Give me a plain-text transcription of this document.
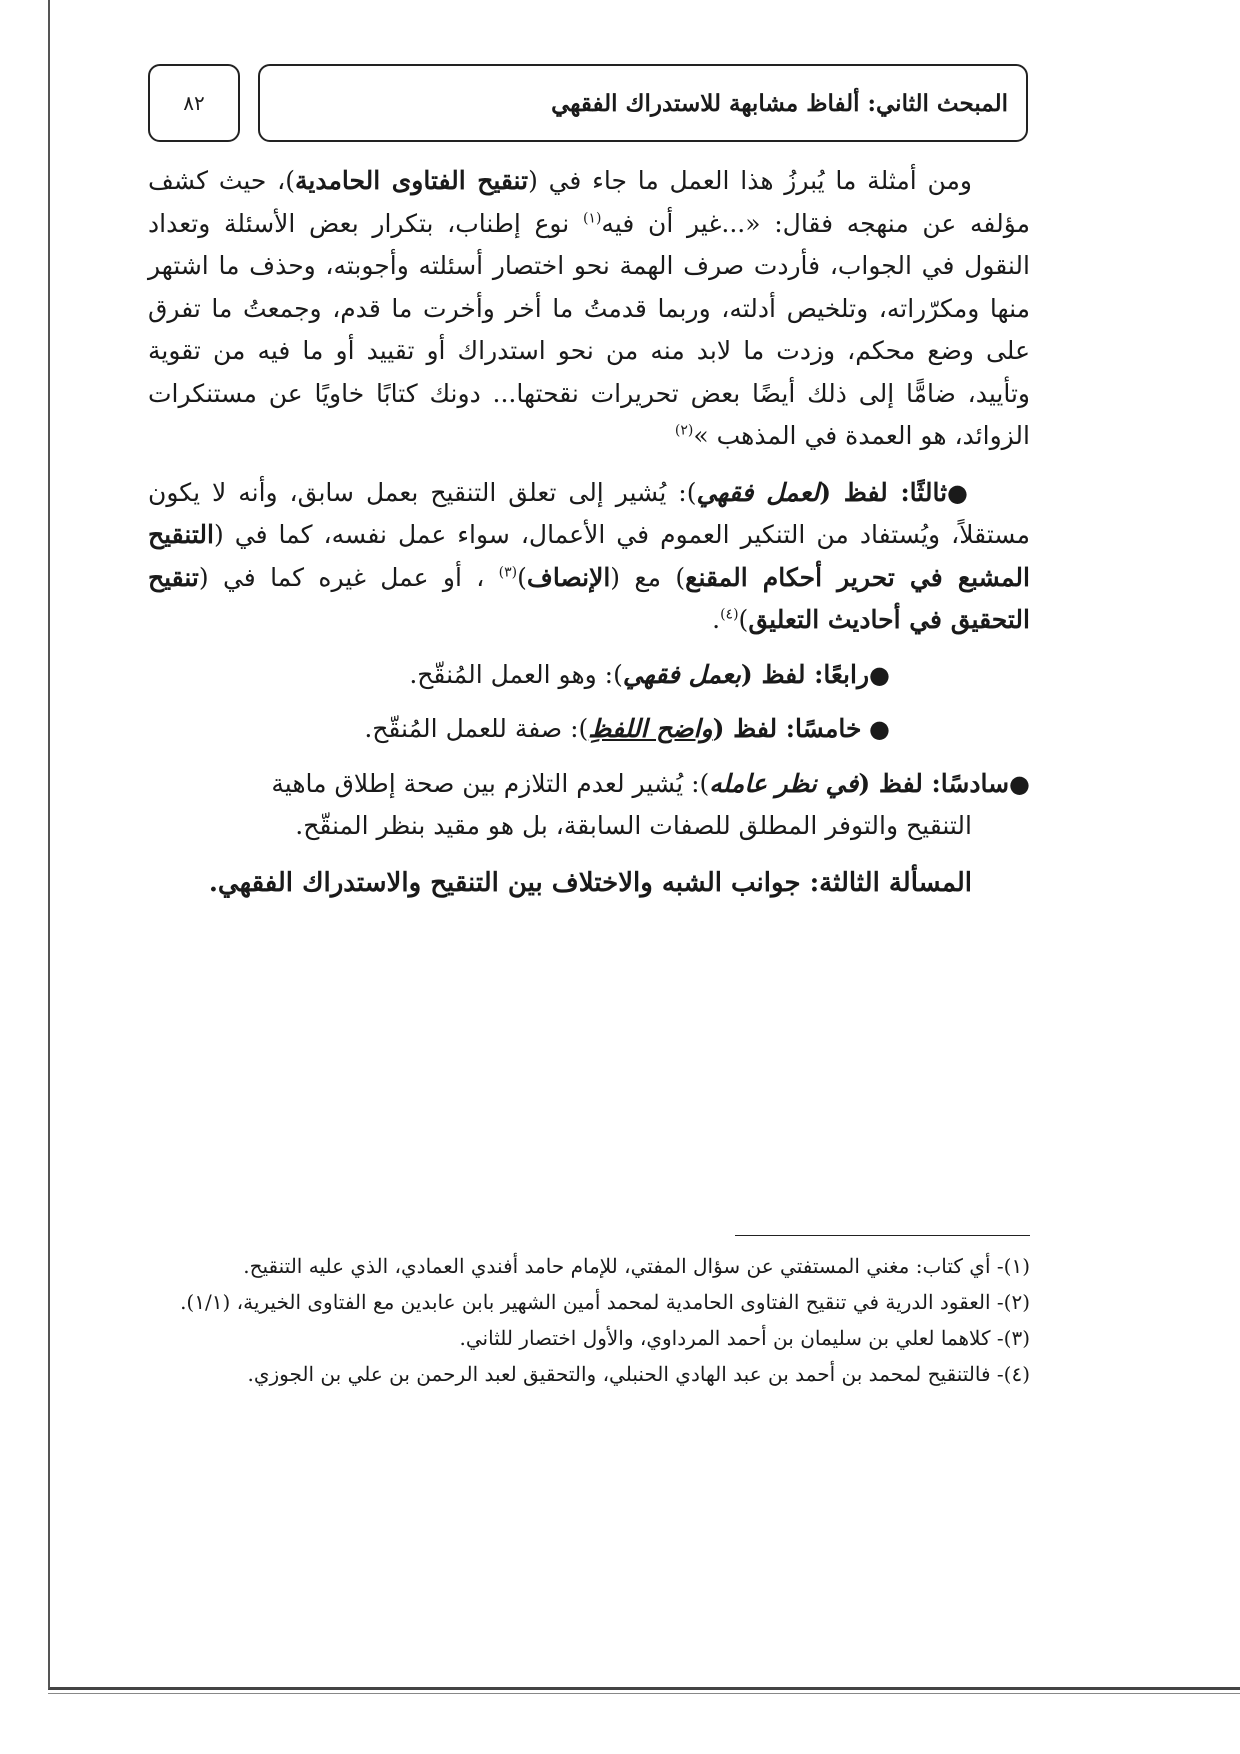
المبحث الثاني: ألفاظ مشابهة للاستدراك الفقهي
٨٢

ومن أمثلة ما يُبرزُ هذا العمل ما جاء في (تنقيح الفتاوى الحامدية)، حيث كشف مؤلفه عن منهجه فقال: «...غير أن فيه$^{(١)}$ نوع إطناب، بتكرار بعض الأسئلة وتعداد النقول في الجواب، فأردت صرف الهمة نحو اختصار أسئلته وأجوبته، وحذف ما اشتهر منها ومكرّراته، وتلخيص أدلته، وربما قدمتُ ما أخر وأخرت ما قدم، وجمعتُ ما تفرق على وضع محكم، وزدت ما لابد منه من نحو استدراك أو تقييد أو ما فيه من تقوية وتأييد، ضامًّا إلى ذلك أيضًا بعض تحريرات نقحتها... دونك كتابًا خاويًا عن مستنكرات الزوائد، هو العمدة في المذهب »$^{(٢)}$

●ثالثًا: لفظ (لعمل فقهي): يُشير إلى تعلق التنقيح بعمل سابق، وأنه لا يكون مستقلاً، ويُستفاد من التنكير العموم في الأعمال، سواء عمل نفسه، كما في (التنقيح المشبع في تحرير أحكام المقنع) مع (الإنصاف)$^{(٣)}$ ، أو عمل غيره كما في (تنقيح التحقيق في أحاديث التعليق)$^{(٤)}$.

●رابعًا: لفظ (بعمل فقهي): وهو العمل المُنقّح.

● خامسًا: لفظ (واضح اللفظِ): صفة للعمل المُنقّح.

●سادسًا: لفظ (في نظر عامله): يُشير لعدم التلازم بين صحة إطلاق ماهية
التنقيح والتوفر المطلق للصفات السابقة، بل هو مقيد بنظر المنقّح.

المسألة الثالثة: جوانب الشبه والاختلاف بين التنقيح والاستدراك الفقهي.

(١)- أي كتاب: مغني المستفتي عن سؤال المفتي، للإمام حامد أفندي العمادي، الذي عليه التنقيح.

(٢)- العقود الدرية في تنقيح الفتاوى الحامدية لمحمد أمين الشهير بابن عابدين مع الفتاوى الخيرية، (١/١).

(٣)- كلاهما لعلي بن سليمان بن أحمد المرداوي، والأول اختصار للثاني.

(٤)- فالتنقيح لمحمد بن أحمد بن عبد الهادي الحنبلي، والتحقيق لعبد الرحمن بن علي بن الجوزي.
